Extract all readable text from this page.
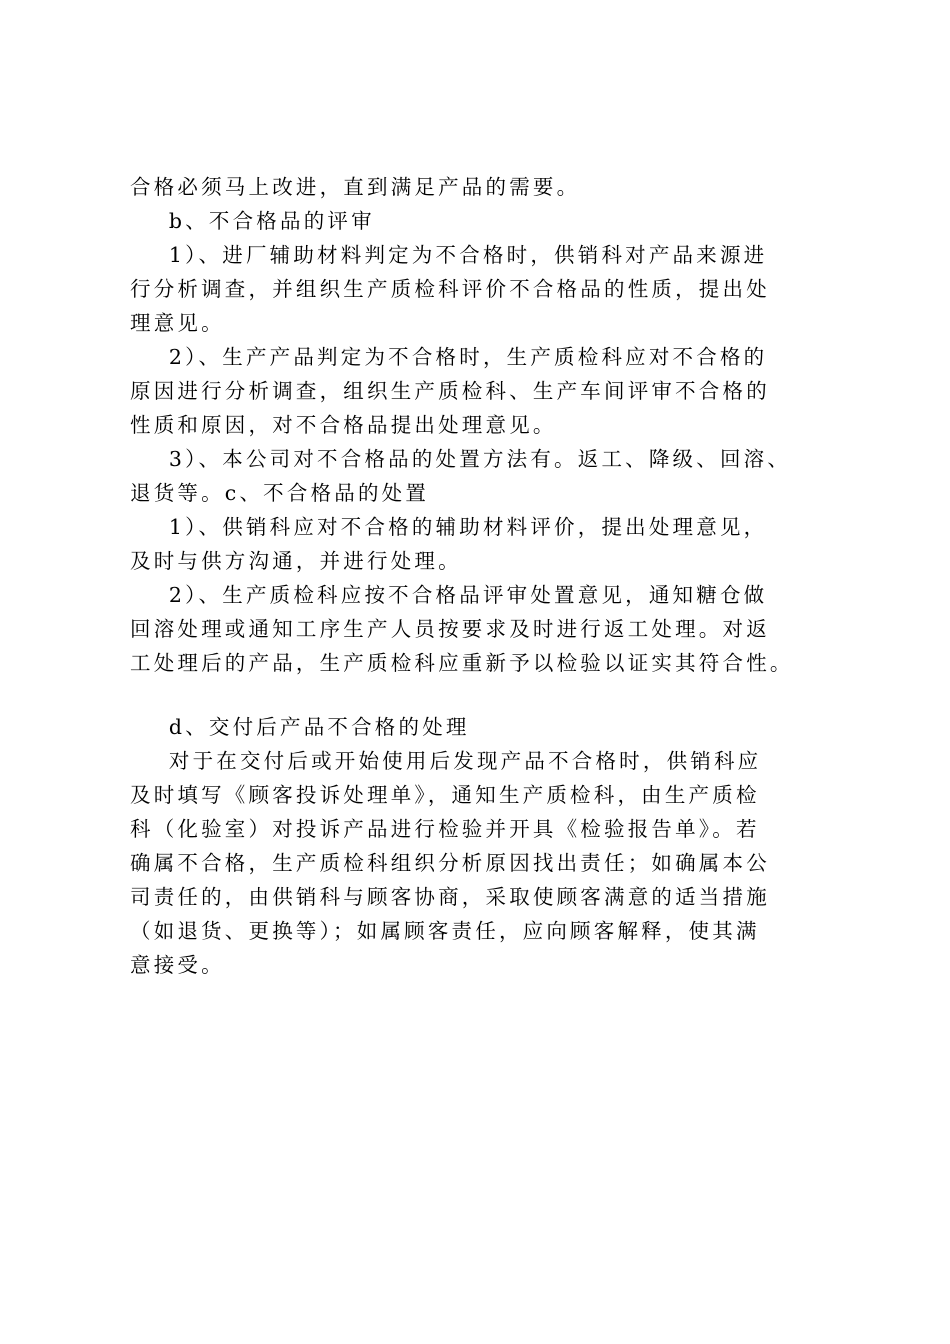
合格必须马上改进，直到满足产品的需要。
b、不合格品的评审
1）、进厂辅助材料判定为不合格时，供销科对产品来源进
行分析调查，并组织生产质检科评价不合格品的性质，提出处
理意见。
2）、生产产品判定为不合格时，生产质检科应对不合格的
原因进行分析调查，组织生产质检科、生产车间评审不合格的
性质和原因，对不合格品提出处理意见。
3）、本公司对不合格品的处置方法有。返工、降级、回溶、
退货等。c、不合格品的处置
1）、供销科应对不合格的辅助材料评价，提出处理意见，
及时与供方沟通，并进行处理。
2）、生产质检科应按不合格品评审处置意见，通知糖仓做
回溶处理或通知工序生产人员按要求及时进行返工处理。对返
工处理后的产品，生产质检科应重新予以检验以证实其符合性。
d、交付后产品不合格的处理
对于在交付后或开始使用后发现产品不合格时，供销科应
及时填写《顾客投诉处理单》，通知生产质检科，由生产质检
科（化验室）对投诉产品进行检验并开具《检验报告单》。若
确属不合格，生产质检科组织分析原因找出责任；如确属本公
司责任的，由供销科与顾客协商，采取使顾客满意的适当措施
（如退货、更换等）；如属顾客责任，应向顾客解释，使其满
意接受。
